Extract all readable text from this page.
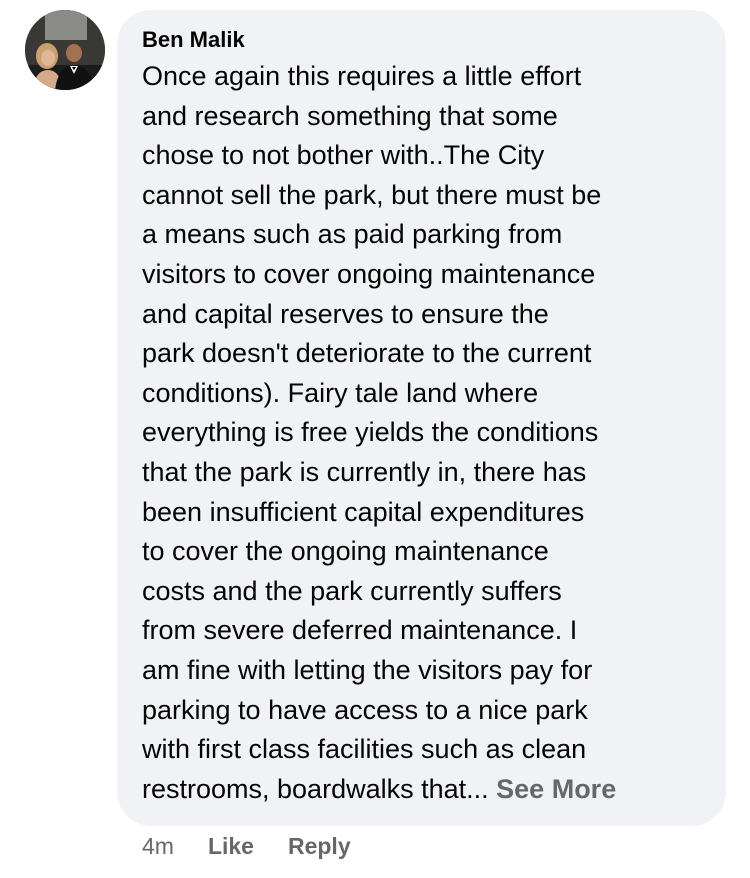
Ben Malik
Once again this requires a little effort
and research something that some
chose to not bother with..The City
cannot sell the park, but there must be
a means such as paid parking from
visitors to cover ongoing maintenance
and capital reserves to ensure the
park doesn't deteriorate to the current
conditions). Fairy tale land where
everything is free yields the conditions
that the park is currently in, there has
been insufficient capital expenditures
to cover the ongoing maintenance
costs and the park currently suffers
from severe deferred maintenance. I
am fine with letting the visitors pay for
parking to have access to a nice park
with first class facilities such as clean
restrooms, boardwalks that... See More
4m Like Reply
